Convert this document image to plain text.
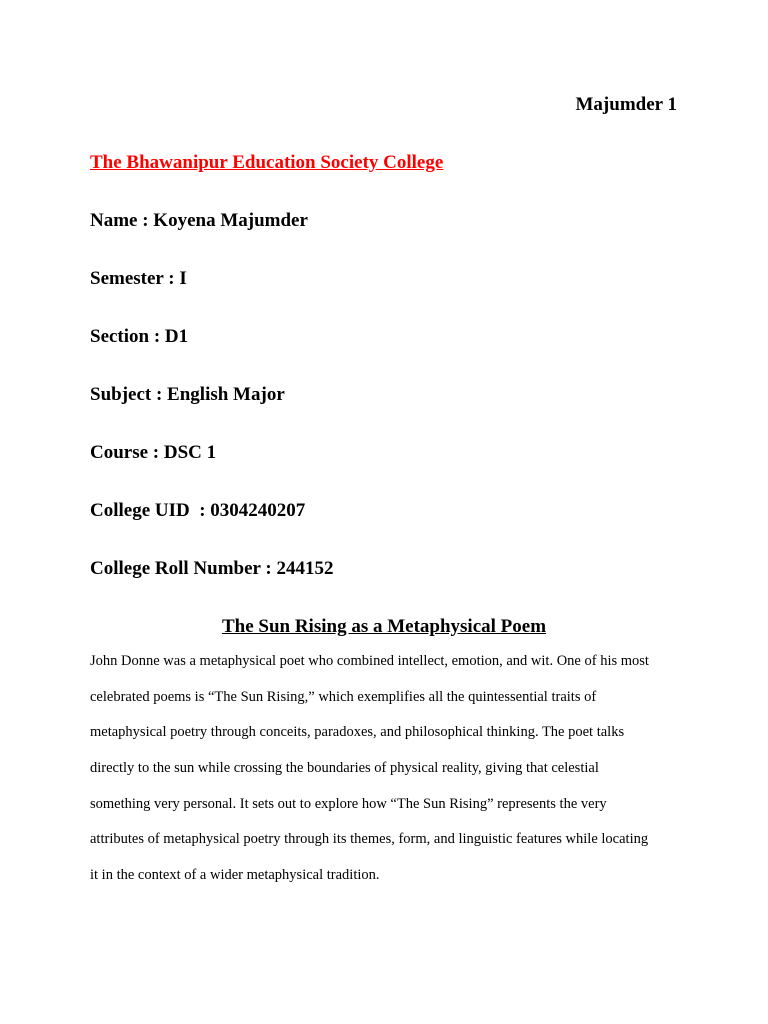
Majumder 1
The Bhawanipur Education Society College
Name : Koyena Majumder
Semester : I
Section : D1
Subject : English Major
Course : DSC 1
College UID  : 0304240207
College Roll Number : 244152
The Sun Rising as a Metaphysical Poem
John Donne was a metaphysical poet who combined intellect, emotion, and wit. One of his most
celebrated poems is “The Sun Rising,” which exemplifies all the quintessential traits of
metaphysical poetry through conceits, paradoxes, and philosophical thinking. The poet talks
directly to the sun while crossing the boundaries of physical reality, giving that celestial
something very personal. It sets out to explore how “The Sun Rising” represents the very
attributes of metaphysical poetry through its themes, form, and linguistic features while locating
it in the context of a wider metaphysical tradition.
